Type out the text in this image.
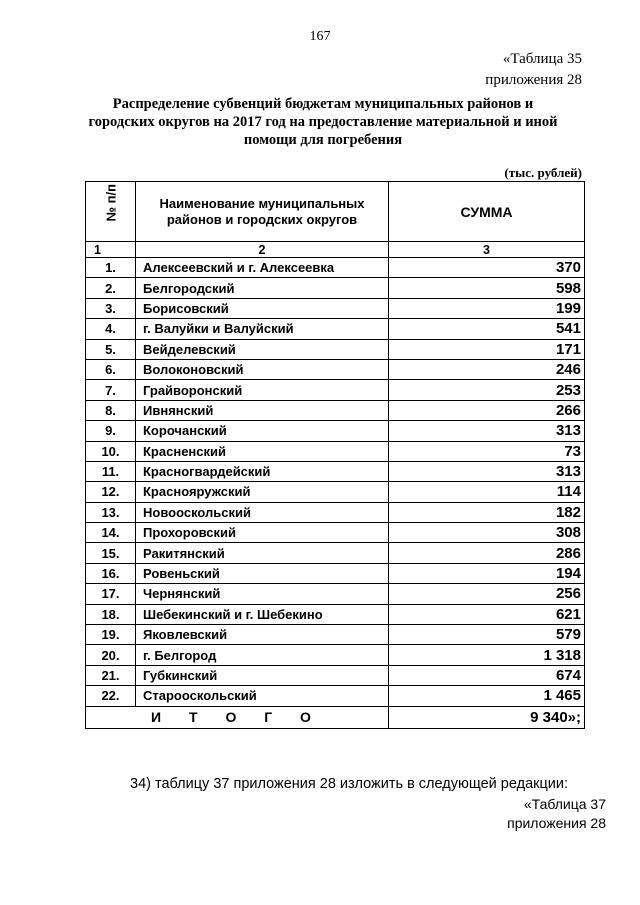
167
«Таблица 35
приложения 28
Распределение субвенций бюджетам муниципальных районов и городских округов на 2017 год на предоставление материальной и иной помощи для погребения
(тыс. рублей)
№ п/п	Наименование муниципальных районов и городских округов	СУММА
1	2	3
1.	Алексеевский и г. Алексеевка	370
2.	Белгородский	598
3.	Борисовский	199
4.	г. Валуйки и Валуйский	541
5.	Вейделевский	171
6.	Волоконовский	246
7.	Грайворонский	253
8.	Ивнянский	266
9.	Корочанский	313
10.	Красненский	73
11.	Красногвардейский	313
12.	Краснояружский	114
13.	Новооскольский	182
14.	Прохоровский	308
15.	Ракитянский	286
16.	Ровеньский	194
17.	Чернянский	256
18.	Шебекинский и г. Шебекино	621
19.	Яковлевский	579
20.	г. Белгород	1 318
21.	Губкинский	674
22.	Старооскольский	1 465
И Т О Г О		9 340»;
34) таблицу 37 приложения 28 изложить в следующей редакции:
«Таблица 37
приложения 28
